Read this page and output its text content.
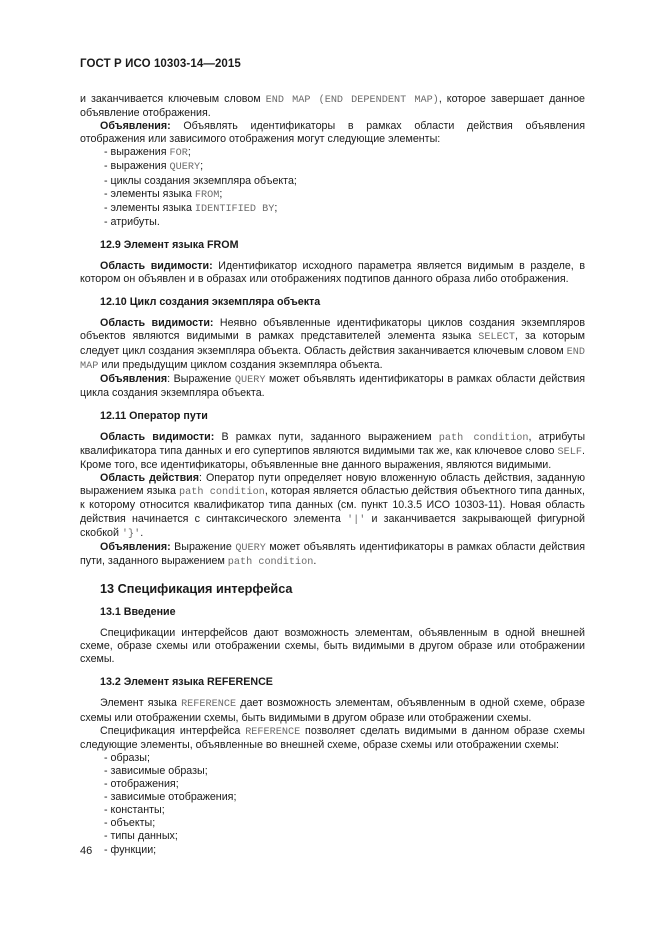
ГОСТ Р ИСО 10303-14—2015

и заканчивается ключевым словом END MAP (END DEPENDENT MAP), которое завершает данное объявление отображения.

Объявления: Объявлять идентификаторы в рамках области действия объявления отображения или зависимого отображения могут следующие элементы:

- выражения FOR;

- выражения QUERY;

- циклы создания экземпляра объекта;

- элементы языка FROM;

- элементы языка IDENTIFIED BY;

- атрибуты.

12.9 Элемент языка FROM

Область видимости: Идентификатор исходного параметра является видимым в разделе, в котором он объявлен и в образах или отображениях подтипов данного образа либо отображения.

12.10 Цикл создания экземпляра объекта

Область видимости: Неявно объявленные идентификаторы циклов создания экземпляров объектов являются видимыми в рамках представителей элемента языка SELECT, за которым следует цикл создания экземпляра объекта. Область действия заканчивается ключевым словом END MAP или предыдущим циклом создания экземпляра объекта.

Объявления: Выражение QUERY может объявлять идентификаторы в рамках области действия цикла создания экземпляра объекта.

12.11 Оператор пути

Область видимости: В рамках пути, заданного выражением path condition, атрибуты квалификатора типа данных и его супертипов являются видимыми так же, как ключевое слово SELF. Кроме того, все идентификаторы, объявленные вне данного выражения, являются видимыми.

Область действия: Оператор пути определяет новую вложенную область действия, заданную выражением языка path condition, которая является областью действия объектного типа данных, к которому относится квалификатор типа данных (см. пункт 10.3.5 ИСО 10303-11). Новая область действия начинается с синтаксического элемента '|' и заканчивается закрывающей фигурной скобкой '}'.

Объявления: Выражение QUERY может объявлять идентификаторы в рамках области действия пути, заданного выражением path condition.

13 Спецификация интерфейса
13.1 Введение

Спецификации интерфейсов дают возможность элементам, объявленным в одной внешней схеме, образе схемы или отображении схемы, быть видимыми в другом образе или отображении схемы.

13.2 Элемент языка REFERENCE

Элемент языка REFERENCE дает возможность элементам, объявленным в одной схеме, образе схемы или отображении схемы, быть видимыми в другом образе или отображении схемы.

Спецификация интерфейса REFERENCE позволяет сделать видимыми в данном образе схемы следующие элементы, объявленные во внешней схеме, образе схемы или отображении схемы:

- образы;

- зависимые образы;

- отображения;

- зависимые отображения;

- константы;

- объекты;

- типы данных;

- функции;

46
